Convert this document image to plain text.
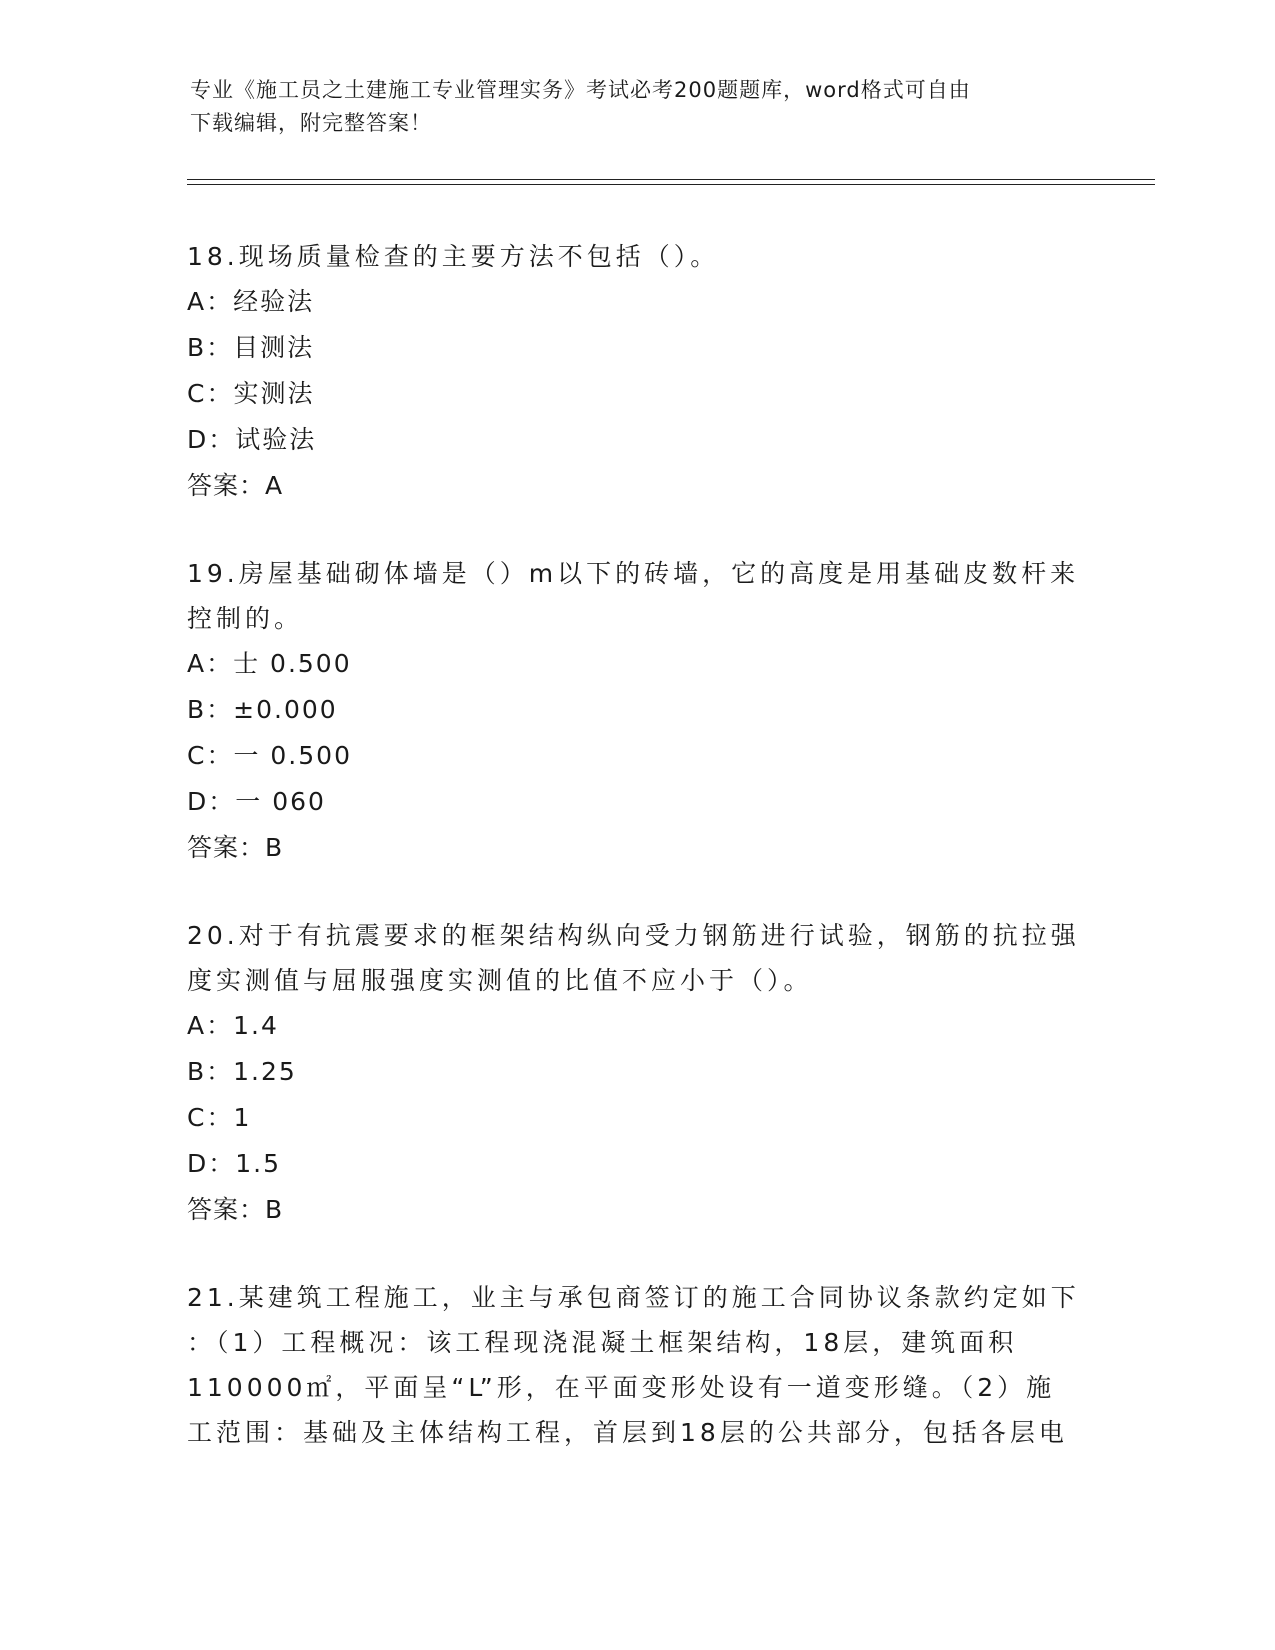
专业《施工员之土建施工专业管理实务》考试必考200题题库，word格式可自由
下载编辑，附完整答案！

18.现场质量检查的主要方法不包括（）。

A：经验法

B：目测法

C：实测法

D：试验法

答案：A

19.房屋基础砌体墙是（）m以下的砖墙，它的高度是用基础皮数杆来

控制的。

A：士 0.500

B：±0.000

C：一 0.500

D：一 060

答案：B

20.对于有抗震要求的框架结构纵向受力钢筋进行试验，钢筋的抗拉强

度实测值与屈服强度实测值的比值不应小于（）。

A：1.4

B：1.25

C：1

D：1.5

答案：B

21.某建筑工程施工，业主与承包商签订的施工合同协议条款约定如下

：（1）工程概况：该工程现浇混凝土框架结构，18层，建筑面积

110000㎡，平面呈“L”形，在平面变形处设有一道变形缝。（2）施

工范围：基础及主体结构工程，首层到18层的公共部分，包括各层电
